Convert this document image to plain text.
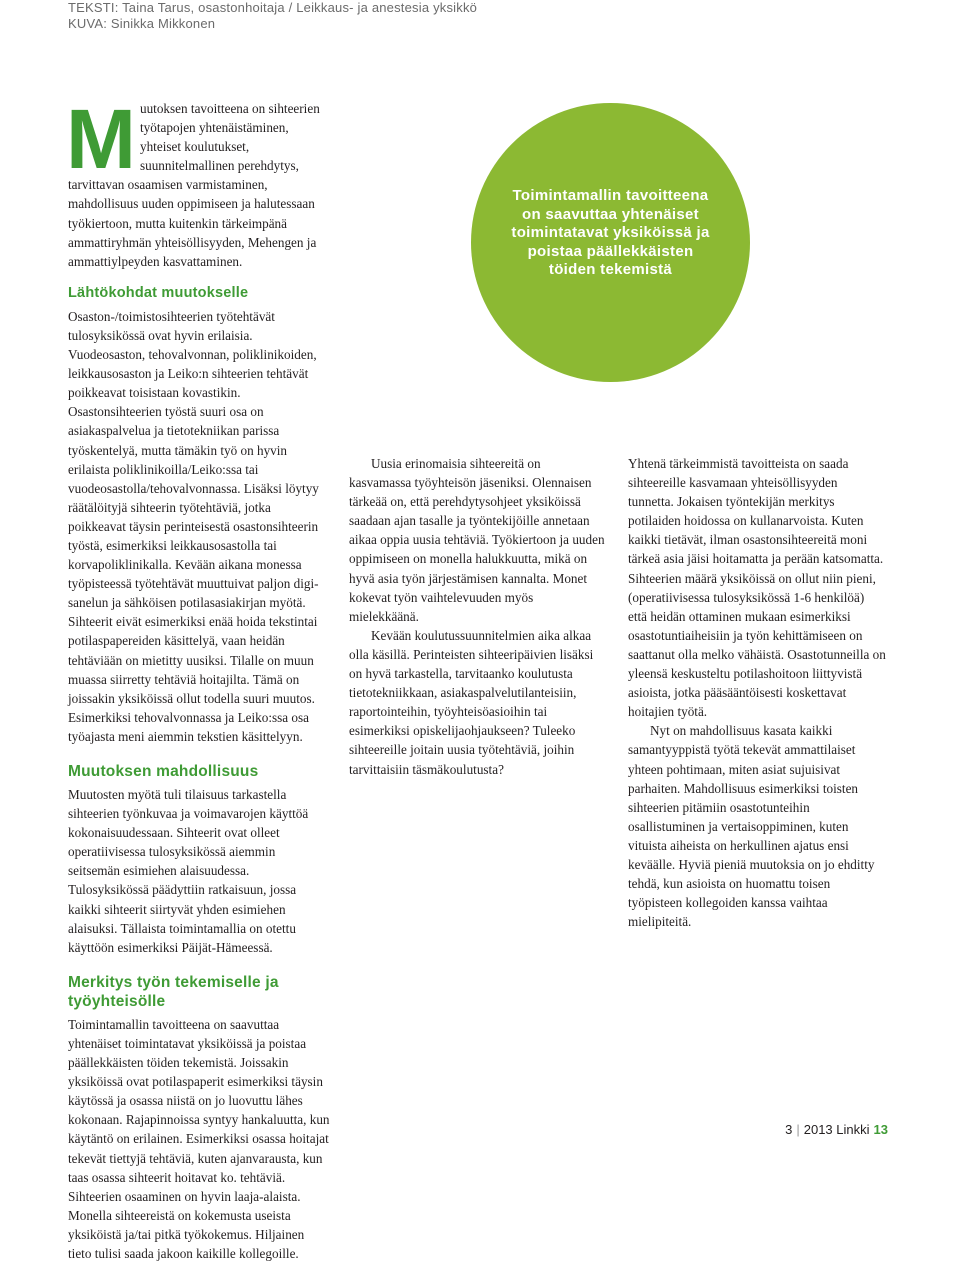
TEKSTI: Taina Tarus, osastonhoitaja / Leikkaus- ja anestesia yksikkö
KUVA: Sinikka Mikkonen

Muutoksen tavoitteena on sihteerien työtapojen yhtenäistäminen, yhteiset koulutukset, suunnitelmallinen perehdytys, tarvittavan osaamisen varmistaminen, mahdollisuus uuden oppimiseen ja halutessaan työkiertoon, mutta kuitenkin tärkeimpänä ammattiryhmän yhteisöllisyyden, Mehengen ja ammattiylpeyden kasvattaminen.

Lähtökohdat muutokselle

Osaston-/toimistosihteerien työtehtävät tulosyksikössä ovat hyvin erilaisia. Vuodeosaston, tehovalvonnan, poliklinikoiden, leikkausosaston ja Leiko:n sihteerien tehtävät poikkeavat toisistaan kovastikin. Osastonsihteerien työstä suuri osa on asiakaspalvelua ja tietotekniikan parissa työskentelyä, mutta tämäkin työ on hyvin erilaista poliklinikoilla/Leiko:ssa tai vuodeosastolla/tehovalvonnassa. Lisäksi löytyy räätälöityjä sihteerin työtehtäviä, jotka poikkeavat täysin perinteisestä osastonsihteerin työstä, esimerkiksi leikkausosastolla tai korvapoliklinikalla. Kevään aikana monessa työpisteessä työtehtävät muuttuivat paljon digi-sanelun ja sähköisen potilasasiakirjan myötä. Sihteerit eivät esimerkiksi enää hoida tekstintai potilaspapereiden käsittelyä, vaan heidän tehtäviään on mietitty uusiksi. Tilalle on muun muassa siirretty tehtäviä hoitajilta. Tämä on joissakin yksiköissä ollut todella suuri muutos. Esimerkiksi tehovalvonnassa ja Leiko:ssa osa työajasta meni aiemmin tekstien käsittelyyn.

Muutoksen mahdollisuus

Muutosten myötä tuli tilaisuus tarkastella sihteerien työnkuvaa ja voimavarojen käyttöä kokonaisuudessaan. Sihteerit ovat olleet operatiivisessa tulosyksikössä aiemmin seitsemän esimiehen alaisuudessa. Tulosyksikössä päädyttiin ratkaisuun, jossa kaikki sihteerit siirtyvät yhden esimiehen alaisuksi. Tällaista toimintamallia on otettu käyttöön esimerkiksi Päijät-Hämeessä.

Merkitys työn tekemiselle ja työyhteisölle

Toimintamallin tavoitteena on saavuttaa yhtenäiset toimintatavat yksiköissä ja poistaa päällekkäisten töiden tekemistä. Joissakin yksiköissä ovat potilaspaperit esimerkiksi täysin käytössä ja osassa niistä on jo luovuttu lähes kokonaan. Rajapinnoissa syntyy hankaluutta, kun käytäntö on erilainen. Esimerkiksi osassa hoitajat tekevät tiettyjä tehtäviä, kuten ajanvarausta, kun taas osassa sihteerit hoitavat ko. tehtäviä. Sihteerien osaaminen on hyvin laaja-alaista. Monella sihteereistä on kokemusta useista yksiköistä ja/tai pitkä työkokemus. Hiljainen tieto tulisi saada jakoon kaikille kollegoille.

Toimintamallin tavoitteena on saavuttaa yhtenäiset toimintatavat yksiköissä ja poistaa päällekkäisten töiden tekemistä

Uusia erinomaisia sihteereitä on kasvamassa työyhteisön jäseniksi. Olennaisen tärkeää on, että perehdytysohjeet yksiköissä saadaan ajan tasalle ja työntekijöille annetaan aikaa oppia uusia tehtäviä. Työkiertoon ja uuden oppimiseen on monella halukkuutta, mikä on hyvä asia työn järjestämisen kannalta. Monet kokevat työn vaihtelevuuden myös mielekkäänä.

Kevään koulutussuunnitelmien aika alkaa olla käsillä. Perinteisten sihteeripäivien lisäksi on hyvä tarkastella, tarvitaanko koulutusta tietotekniikkaan, asiakaspalvelutilanteisiin, raportointeihin, työyhteisöasioihin tai esimerkiksi opiskelijaohjaukseen? Tuleeko sihteereille joitain uusia työtehtäviä, joihin tarvittaisiin täsmäkoulutusta?

Yhtenä tärkeimmistä tavoitteista on saada sihteereille kasvamaan yhteisöllisyyden tunnetta. Jokaisen työntekijän merkitys potilaiden hoidossa on kullanarvoista. Kuten kaikki tietävät, ilman osastonsihteereitä moni tärkeä asia jäisi hoitamatta ja perään katsomatta. Sihteerien määrä yksiköissä on ollut niin pieni, (operatiivisessa tulosyksikössä 1-6 henkilöä) että heidän ottaminen mukaan esimerkiksi osastotuntiaiheisiin ja työn kehittämiseen on saattanut olla melko vähäistä. Osastotunneilla on yleensä keskusteltu potilashoitoon liittyvistä asioista, jotka pääsääntöisesti koskettavat hoitajien työtä.

Nyt on mahdollisuus kasata kaikki samantyyppistä työtä tekevät ammattilaiset yhteen pohtimaan, miten asiat sujuisivat parhaiten. Mahdollisuus esimerkiksi toisten sihteerien pitämiin osastotunteihin osallistuminen ja vertaisoppiminen, kuten vituista aiheista on herkullinen ajatus ensi keväälle. Hyviä pieniä muutoksia on jo ehditty tehdä, kun asioista on huomattu toisen työpisteen kollegoiden kanssa vaihtaa mielipiteitä.

3 | 2013 Linkki 13
